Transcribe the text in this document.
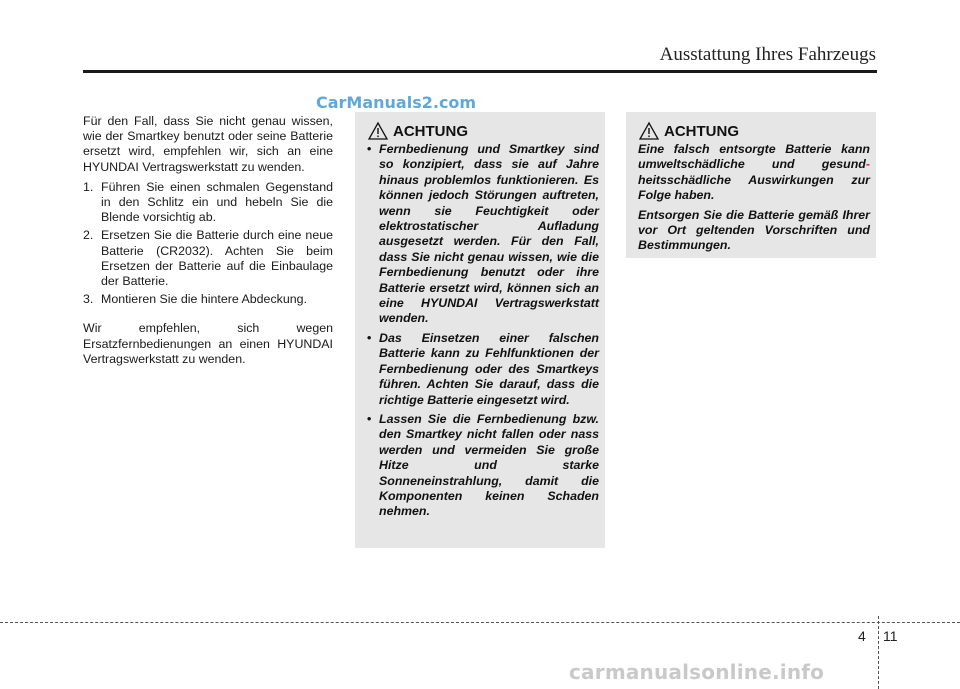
Ausstattung Ihres Fahrzeugs
CarManuals2.com

Für den Fall, dass Sie nicht genau wissen, wie der Smartkey benutzt oder seine Batterie ersetzt wird, empfehlen wir, sich an eine HYUNDAI Vertragswerkstatt zu wenden.

1. Führen Sie einen schmalen Gegenstand in den Schlitz ein und hebeln Sie die Blende vorsichtig ab.
2. Ersetzen Sie die Batterie durch eine neue Batterie (CR2032). Achten Sie beim Ersetzen der Batterie auf die Einbaulage der Batterie.
3. Montieren Sie die hintere Abdeckung.

Wir empfehlen, sich wegen Ersatzfernbedienungen an einen HYUNDAI Vertragswerkstatt zu wenden.

ACHTUNG
• Fernbedienung und Smartkey sind so konzipiert, dass sie auf Jahre hinaus problemlos funktionieren. Es können jedoch Störungen auftreten, wenn sie Feuchtigkeit oder elektrostatischer Aufladung ausgesetzt werden. Für den Fall, dass Sie nicht genau wissen, wie die Fernbedienung benutzt oder ihre Batterie ersetzt wird, können sich an eine HYUNDAI Vertragswerkstatt wenden.
• Das Einsetzen einer falschen Batterie kann zu Fehlfunktionen der Fernbedienung oder des Smartkeys führen. Achten Sie darauf, dass die richtige Batterie eingesetzt wird.
• Lassen Sie die Fernbedienung bzw. den Smartkey nicht fallen oder nass werden und vermeiden Sie große Hitze und starke Sonneneinstrahlung, damit die Komponenten keinen Schaden nehmen.
ACHTUNG

Eine falsch entsorgte Batterie kann umweltschädliche und gesund- heitsschädliche Auswirkungen zur Folge haben.

Entsorgen Sie die Batterie gemäß Ihrer vor Ort geltenden Vorschriften und Bestimmungen.

4 11
carmanualsonline.info
